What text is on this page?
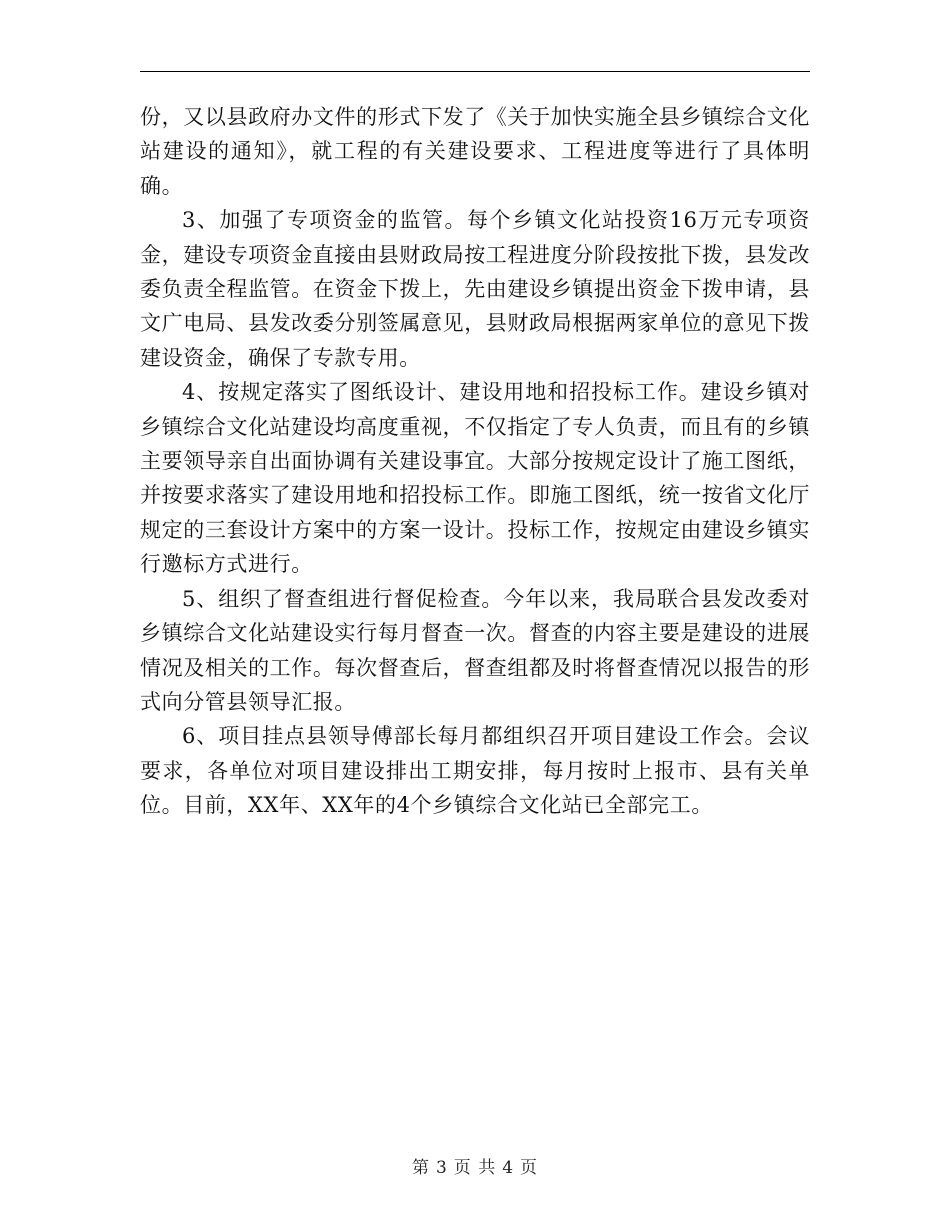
份，又以县政府办文件的形式下发了《关于加快实施全县乡镇综合文化站建设的通知》，就工程的有关建设要求、工程进度等进行了具体明确。

3、加强了专项资金的监管。每个乡镇文化站投资16万元专项资金，建设专项资金直接由县财政局按工程进度分阶段按批下拨，县发改委负责全程监管。在资金下拨上，先由建设乡镇提出资金下拨申请，县文广电局、县发改委分别签属意见，县财政局根据两家单位的意见下拨建设资金，确保了专款专用。

4、按规定落实了图纸设计、建设用地和招投标工作。建设乡镇对乡镇综合文化站建设均高度重视，不仅指定了专人负责，而且有的乡镇主要领导亲自出面协调有关建设事宜。大部分按规定设计了施工图纸，并按要求落实了建设用地和招投标工作。即施工图纸，统一按省文化厅规定的三套设计方案中的方案一设计。投标工作，按规定由建设乡镇实行邀标方式进行。

5、组织了督查组进行督促检查。今年以来，我局联合县发改委对乡镇综合文化站建设实行每月督查一次。督查的内容主要是建设的进展情况及相关的工作。每次督查后，督查组都及时将督查情况以报告的形式向分管县领导汇报。

6、项目挂点县领导傅部长每月都组织召开项目建设工作会。会议要求，各单位对项目建设排出工期安排，每月按时上报市、县有关单位。目前，XX年、XX年的4个乡镇综合文化站已全部完工。

第 3 页 共 4 页
